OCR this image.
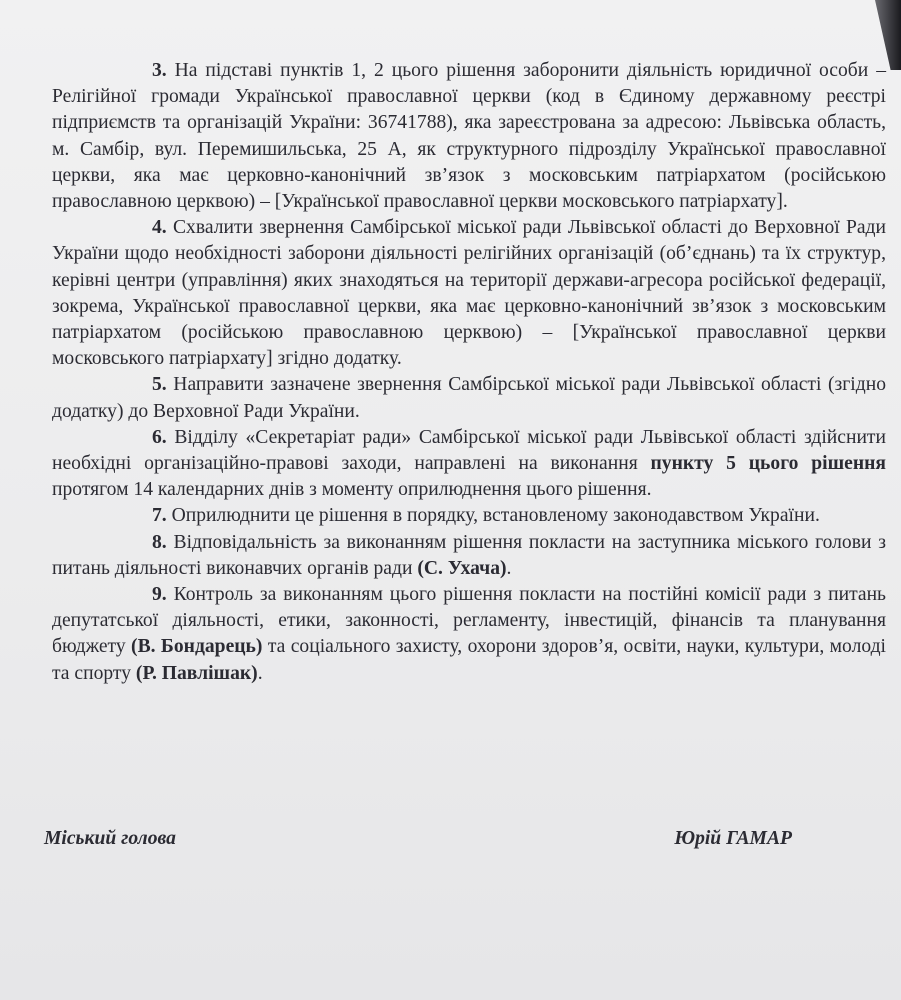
3. На підставі пунктів 1, 2 цього рішення заборонити діяльність юридичної особи – Релігійної громади Української православної церкви (код в Єдиному державному реєстрі підприємств та організацій України: 36741788), яка зареєстрована за адресою: Львівська область, м. Самбір, вул. Перемишильська, 25 А, як структурного підрозділу Української православної церкви, яка має церковно-канонічний зв’язок з московським патріархатом (російською православною церквою) – [Української православної церкви московського патріархату].

4. Схвалити звернення Самбірської міської ради Львівської області до Верховної Ради України щодо необхідності заборони діяльності релігійних організацій (об’єднань) та їх структур, керівні центри (управління) яких знаходяться на території держави-агресора російської федерації, зокрема, Української православної церкви, яка має церковно-канонічний зв’язок з московським патріархатом (російською православною церквою) – [Української православної церкви московського патріархату] згідно додатку.

5. Направити зазначене звернення Самбірської міської ради Львівської області (згідно додатку) до Верховної Ради України.

6. Відділу «Секретаріат ради» Самбірської міської ради Львівської області здійснити необхідні організаційно-правові заходи, направлені на виконання пункту 5 цього рішення протягом 14 календарних днів з моменту оприлюднення цього рішення.

7. Оприлюднити це рішення в порядку, встановленому законодавством України.

8. Відповідальність за виконанням рішення покласти на заступника міського голови з питань діяльності виконавчих органів ради (С. Ухача).

9. Контроль за виконанням цього рішення покласти на постійні комісії ради з питань депутатської діяльності, етики, законності, регламенту, інвестицій, фінансів та планування бюджету (В. Бондарець) та соціального захисту, охорони здоров’я, освіти, науки, культури, молоді та спорту (Р. Павлішак).

Міський голова	Юрій ГАМАР
